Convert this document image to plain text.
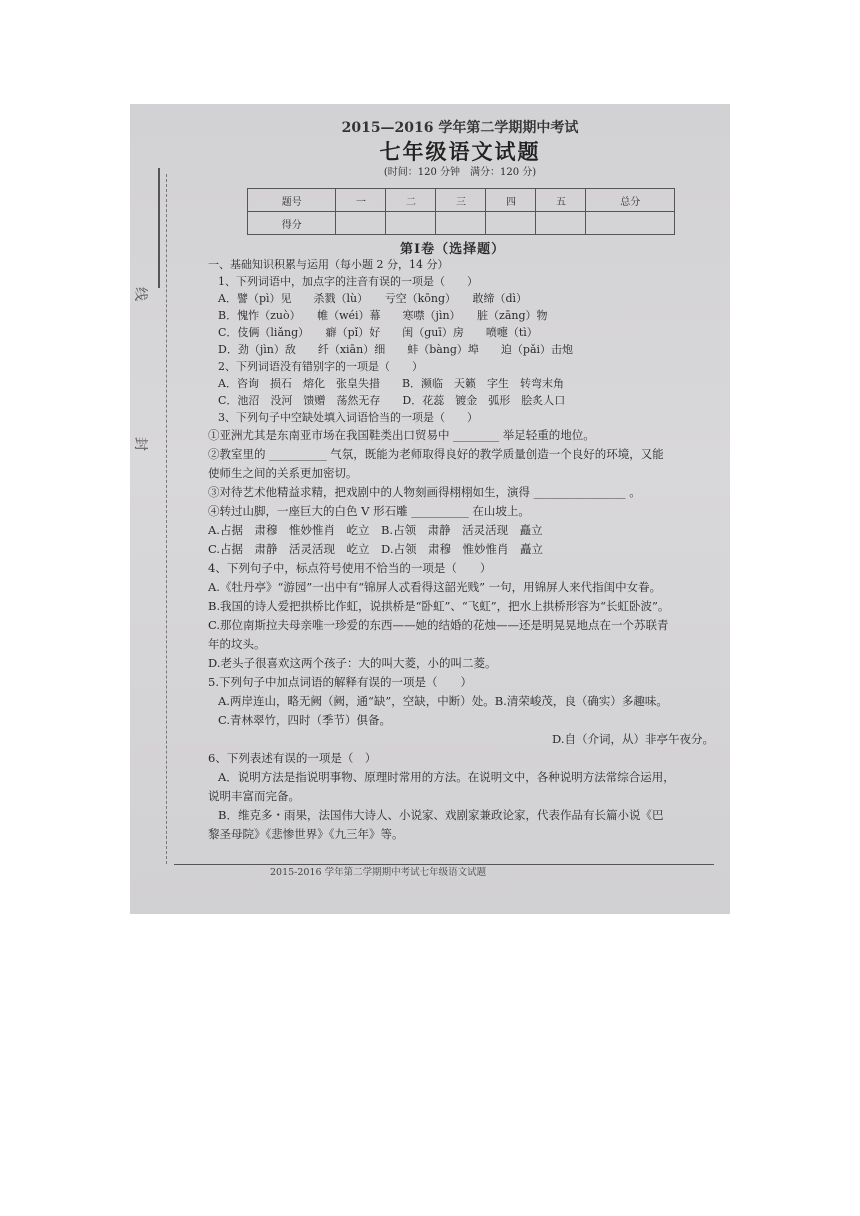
线
封

2015—2016 学年第二学期期中考试

七年级语文试题

(时间：120 分钟　满分：120 分)

题号	一	二	三	四	五	总分
得分						
第Ⅰ卷（选择题）
一、基础知识积累与运用（每小题 2 分，14 分）
1、下列词语中，加点字的注音有误的一项是（　　）
A．譬（pì）见　　杀戮（lù）　　亏空（kōng）　　敢缔（dì）
B．愧怍（zuò）　　帷（wéi）幕　　寒噤（jìn）　　脏（zāng）物
C．伎俩（liǎng）　　癖（pǐ）好　　闺（guī）房　　喷嚏（tì）
D．劲（jìn）敌　　纤（xiān）细　　蚌（bàng）埠　　迫（pǎi）击炮
2、下列词语没有错别字的一项是（　　）
A．咨询　损石　熔化　张皇失措　　B．濒临　天籁　字生　转弯末角
C．池沼　没河　馈赠　荡然无存　　D．花蕊　镀金　弧形　脍炙人口
3、下列句子中空缺处填入词语恰当的一项是（　　）
①亚洲尤其是东南亚市场在我国鞋类出口贸易中 ________ 举足轻重的地位。
②教室里的 __________ 气氛，既能为老师取得良好的教学质量创造一个良好的环境，又能
使师生之间的关系更加密切。
③对待艺术他精益求精，把戏剧中的人物刻画得栩栩如生，演得 ________________ 。
④转过山脚，一座巨大的白色 V 形石雕 __________ 在山坡上。
A.占据　肃穆　惟妙惟肖　屹立　B.占领　肃静　活灵活现　矗立
C.占据　肃静　活灵活现　屹立　D.占领　肃穆　惟妙惟肖　矗立
4、下列句子中，标点符号使用不恰当的一项是（　　）
A.《牡丹亭》“游园”一出中有“锦屏人忒看得这韶光贱” 一句，用锦屏人来代指闺中女眷。
B.我国的诗人爱把拱桥比作虹，说拱桥是“卧虹”、“飞虹”，把水上拱桥形容为“长虹卧波”。
C.那位南斯拉夫母亲唯一珍爱的东西——她的结婚的花烛——还是明晃晃地点在一个苏联青
年的坟头。
D.老头子很喜欢这两个孩子：大的叫大菱，小的叫二菱。
5.下列句子中加点词语的解释有误的一项是（　　）
A.两岸连山，略无阙（阙，通“缺”，空缺，中断）处。B.清荣峻茂，良（确实）多趣味。
C.青林翠竹，四时（季节）俱备。
D.自（介词，从）非亭午夜分。
6、下列表述有误的一项是（　）
A．说明方法是指说明事物、原理时常用的方法。在说明文中，各种说明方法常综合运用，
说明丰富而完备。
B．维克多・雨果，法国伟大诗人、小说家、戏剧家兼政论家，代表作品有长篇小说《巴
黎圣母院》《悲惨世界》《九三年》等。
2015-2016 学年第二学期期中考试七年级语文试题
